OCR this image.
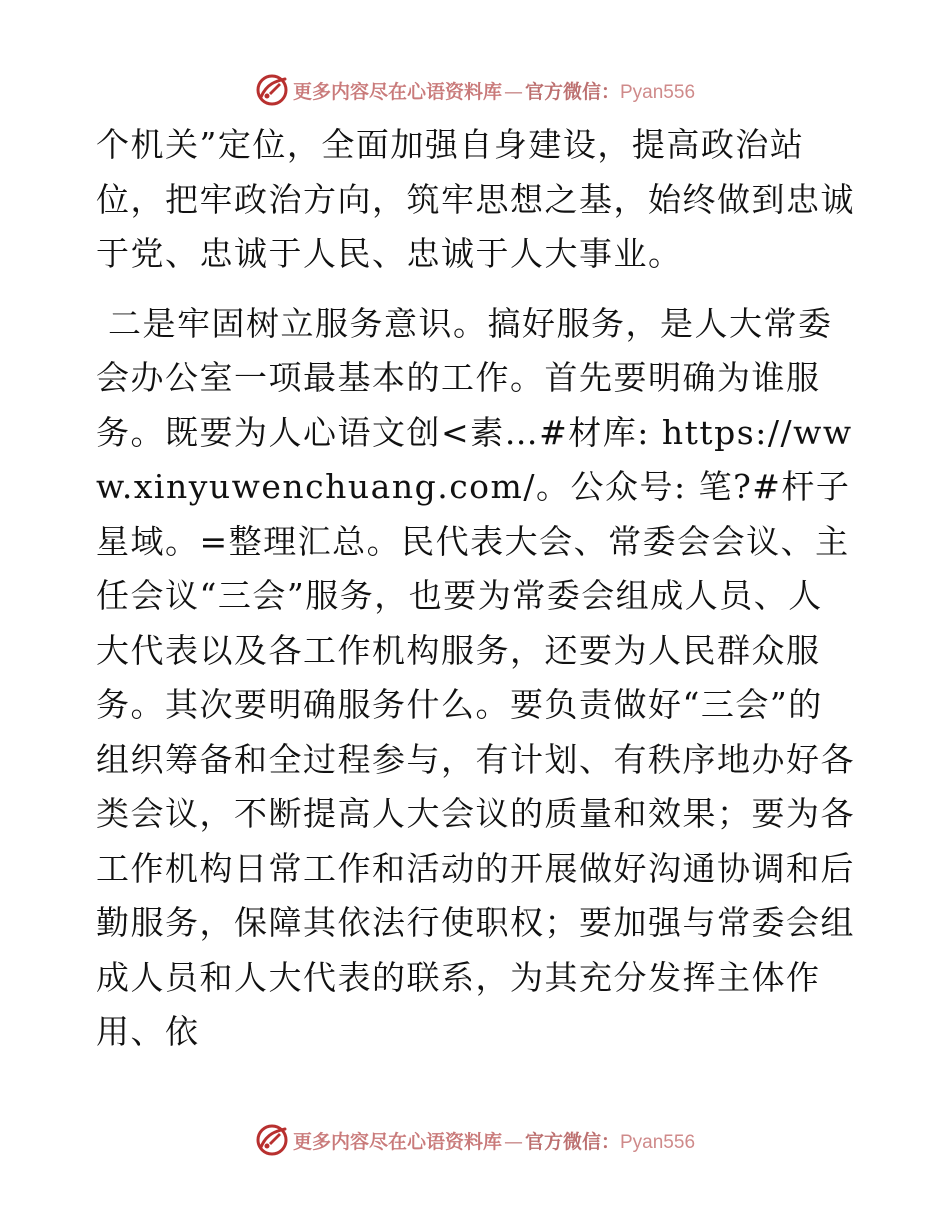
更多内容尽在心语资料库 — 官方微信：Pyan556

个机关”定位，全面加强自身建设，提高政治站位，把牢政治方向，筑牢思想之基，始终做到忠诚于党、忠诚于人民、忠诚于人大事业。

二是牢固树立服务意识。搞好服务，是人大常委会办公室一项最基本的工作。首先要明确为谁服务。既要为人心语文创<素…#材库: https://www.xinyuwenchuang.com/。公众号: 笔?#杆子星域。=整理汇总。民代表大会、常委会会议、主任会议“三会”服务，也要为常委会组成人员、人大代表以及各工作机构服务，还要为人民群众服务。其次要明确服务什么。要负责做好“三会”的组织筹备和全过程参与，有计划、有秩序地办好各类会议，不断提高人大会议的质量和效果；要为各工作机构日常工作和活动的开展做好沟通协调和后勤服务，保障其依法行使职权；要加强与常委会组成人员和人大代表的联系，为其充分发挥主体作用、依

更多内容尽在心语资料库 — 官方微信：Pyan556
